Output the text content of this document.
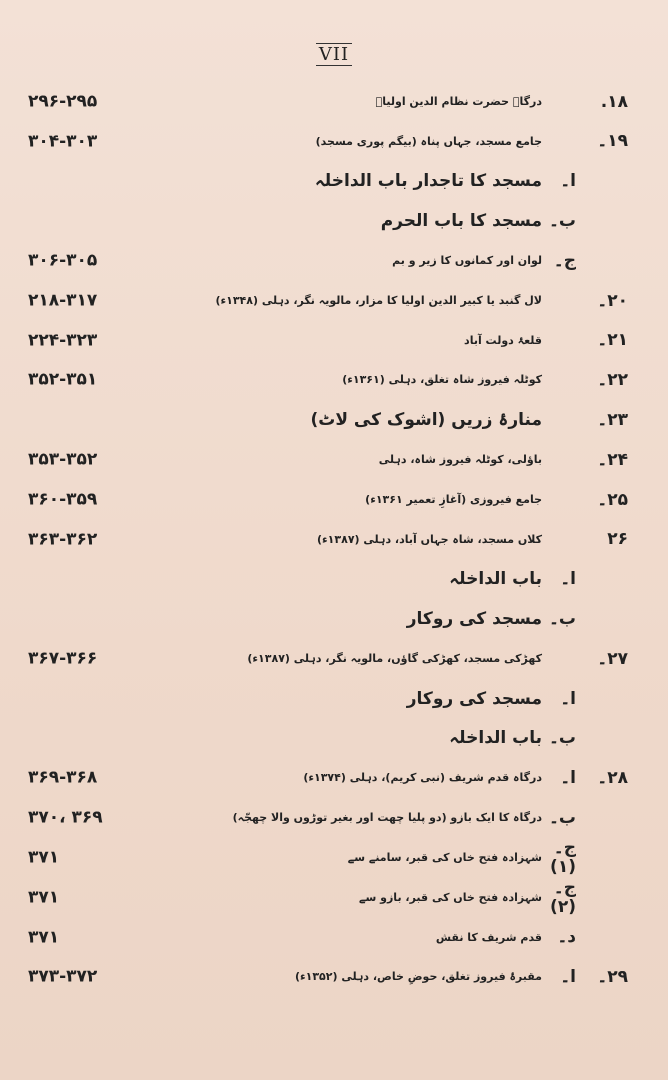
VII
۱۸.
درگاہ حضرت نظام الدین اولیاؒ
۲۹۶-۲۹۵
۱۹۔
جامع مسجد، جہاں پناہ (بیگم پوری مسجد)
۳۰۴-۳۰۳
ا۔
مسجد کا تاجدار باب الداخلہ
ب۔
مسجد کا باب الحرم
ج۔
لوان اور کمانوں کا زیر و بم
۳۰۶-۳۰۵
۲۰۔
لال گنبد یا کبیر الدین اولیا کا مزار، مالویہ نگر، دہلی (۱۳۴۸ء)
۲۱۸-۳۱۷
۲۱۔
قلعۂ دولت آباد
۲۲۴-۳۲۳
۲۲۔
کوٹلہ فیروز شاہ تغلق، دہلی (۱۳۶۱ء)
۳۵۲-۳۵۱
۲۳۔
منارۂ زریں (اشوک کی لاٹ)
۲۴۔
باؤلی، کوٹلہ فیروز شاہ، دہلی
۳۵۳-۳۵۲
۲۵۔
جامع فیروزی (آغازِ تعمیر ۱۳۶۱ء)
۳۶۰-۳۵۹
۲۶
کلاں مسجد، شاہ جہاں آباد، دہلی (۱۳۸۷ء)
۳۶۳-۳۶۲
ا۔
باب الداخلہ
ب۔
مسجد کی روکار
۲۷۔
کھڑکی مسجد، کھڑکی گاؤں، مالویہ نگر، دہلی (۱۳۸۷ء)
۳۶۷-۳۶۶
ا۔
مسجد کی روکار
ب۔
باب الداخلہ
۲۸۔
ا۔
درگاہ قدم شریف (نبی کریم)، دہلی (۱۳۷۴ء)
۳۶۹-۳۶۸
ب۔
درگاہ کا ایک بازو (دو پلیا چھت اور بغیر توڑوں والا چھجّہ)
۳۷۰، ۳۶۹
ج۔ (۱)
شہزادہ فتح خاں کی قبر، سامنے سے
۳۷۱
ج۔ (۲)
شہزادہ فتح خاں کی قبر، بازو سے
۳۷۱
د۔
قدم شریف کا نقش
۳۷۱
۲۹۔
ا۔
مقبرۂ فیروز تغلق، حوضِ خاص، دہلی (۱۳۵۲ء)
۳۷۳-۳۷۲
